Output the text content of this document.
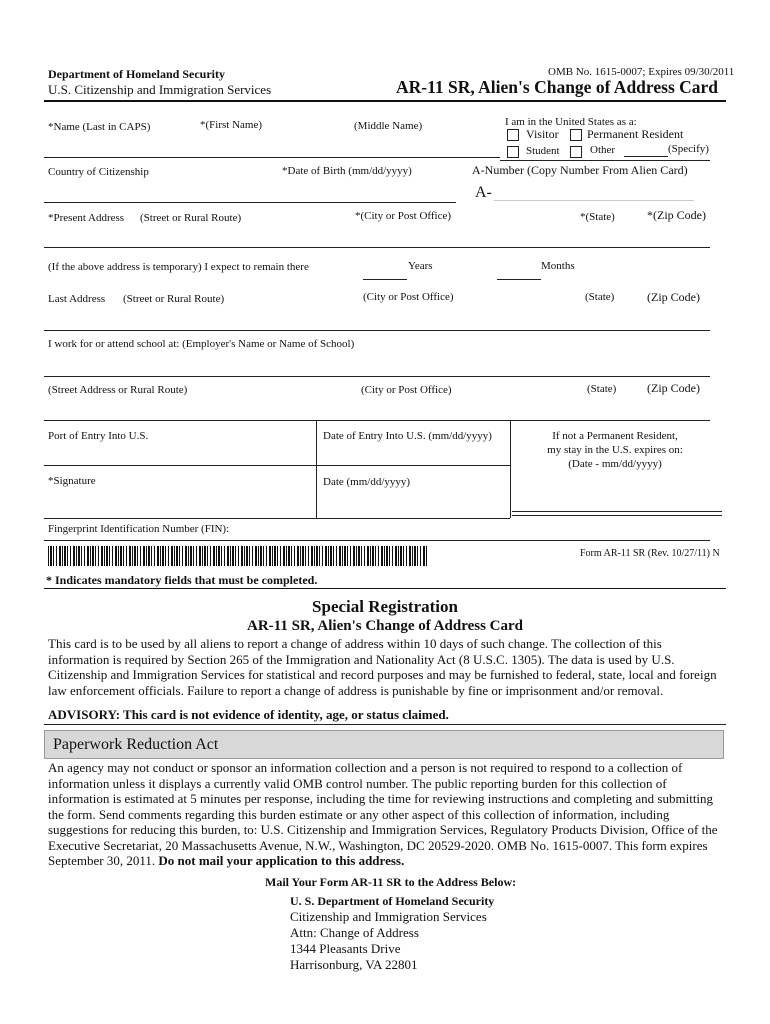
Department of Homeland Security
U.S. Citizenship and Immigration Services
OMB No. 1615-0007; Expires 09/30/2011
AR-11 SR, Alien's Change of Address Card
*Name (Last in CAPS)	*(First Name)	(Middle Name)	I am in the United States as a:
Visitor Permanent Resident
Student	Other	(Specify)
Country of Citizenship	*Date of Birth (mm/dd/yyyy)	A-Number (Copy Number From Alien Card)
A-
*Present Address (Street or Rural Route)	*(City or Post Office)	*(State)	*(Zip Code)
(If the above address is temporary) I expect to remain there	Years	Months
Last Address (Street or Rural Route)	(City or Post Office)	(State)	(Zip Code)
I work for or attend school at: (Employer's Name or Name of School)
(Street Address or Rural Route)	(City or Post Office)	(State)	(Zip Code)
Port of Entry Into U.S.	Date of Entry Into U.S. (mm/dd/yyyy)	If not a Permanent Resident,
my stay in the U.S. expires on:
(Date - mm/dd/yyyy)
*Signature	Date (mm/dd/yyyy)
Fingerprint Identification Number (FIN):
Form AR-11 SR (Rev. 10/27/11) N
* Indicates mandatory fields that must be completed.
Special Registration
AR-11 SR, Alien's Change of Address Card
This card is to be used by all aliens to report a change of address within 10 days of such change. The collection of this information is required by Section 265 of the Immigration and Nationality Act (8 U.S.C. 1305). The data is used by U.S. Citizenship and Immigration Services for statistical and record purposes and may be furnished to federal, state, local and foreign law enforcement officials. Failure to report a change of address is punishable by fine or imprisonment and/or removal.
ADVISORY: This card is not evidence of identity, age, or status claimed.
Paperwork Reduction Act
An agency may not conduct or sponsor an information collection and a person is not required to respond to a collection of information unless it displays a currently valid OMB control number. The public reporting burden for this collection of information is estimated at 5 minutes per response, including the time for reviewing instructions and completing and submitting the form. Send comments regarding this burden estimate or any other aspect of this collection of information, including suggestions for reducing this burden, to: U.S. Citizenship and Immigration Services, Regulatory Products Division, Office of the Executive Secretariat, 20 Massachusetts Avenue, N.W., Washington, DC 20529-2020. OMB No. 1615-0007. This form expires September 30, 2011. Do not mail your application to this address.
Mail Your Form AR-11 SR to the Address Below:
U. S. Department of Homeland Security
Citizenship and Immigration Services
Attn: Change of Address
1344 Pleasants Drive
Harrisonburg, VA 22801
